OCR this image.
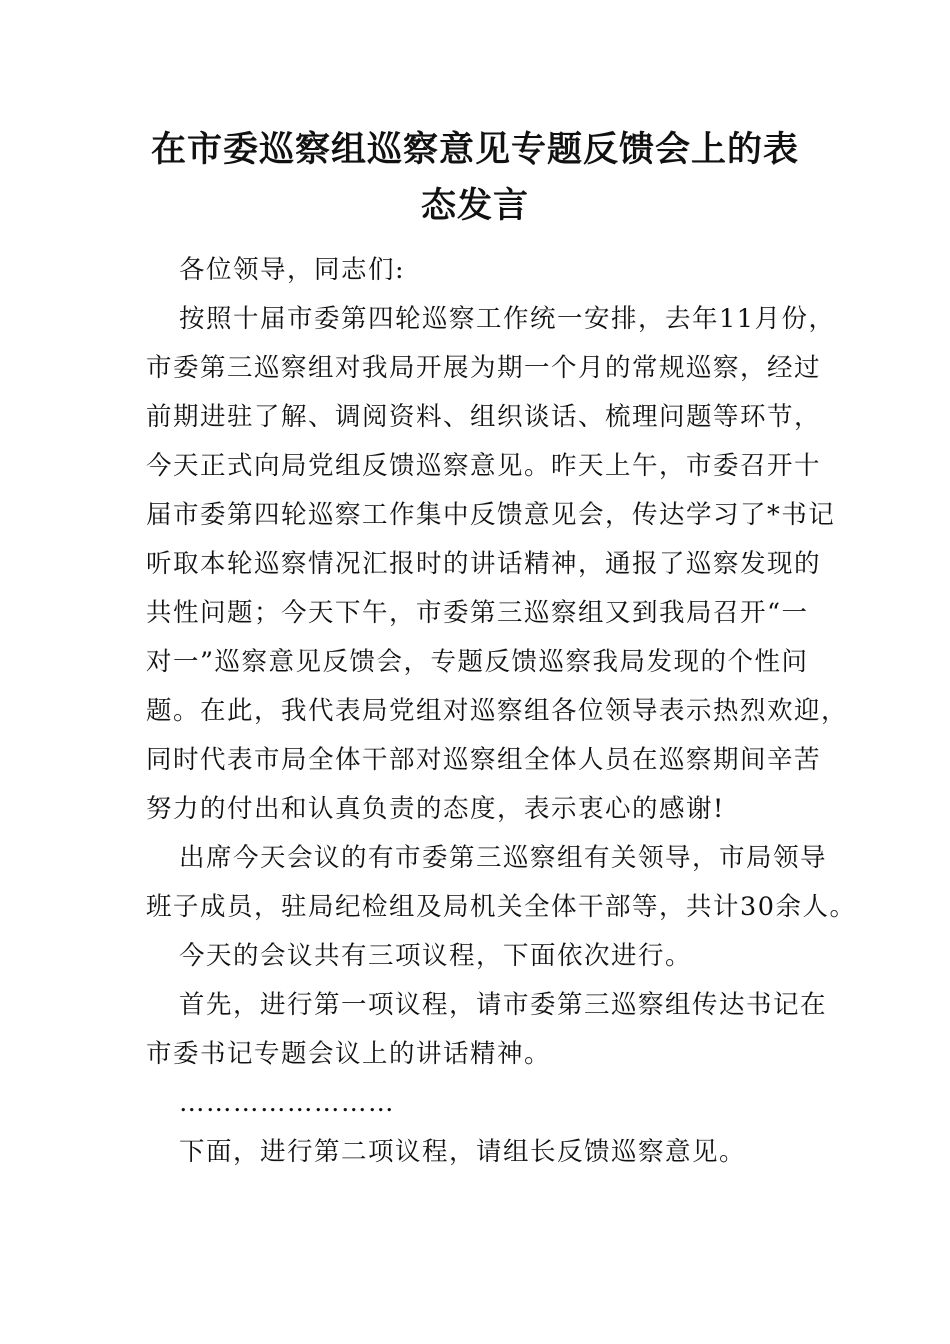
在市委巡察组巡察意见专题反馈会上的表
态发言
各位领导，同志们:
按照十届市委第四轮巡察工作统一安排，去年11月份，
市委第三巡察组对我局开展为期一个月的常规巡察，经过
前期进驻了解、调阅资料、组织谈话、梳理问题等环节，
今天正式向局党组反馈巡察意见。昨天上午，市委召开十
届市委第四轮巡察工作集中反馈意见会，传达学习了*书记
听取本轮巡察情况汇报时的讲话精神，通报了巡察发现的
共性问题；今天下午，市委第三巡察组又到我局召开“一
对一”巡察意见反馈会，专题反馈巡察我局发现的个性问
题。在此，我代表局党组对巡察组各位领导表示热烈欢迎，
同时代表市局全体干部对巡察组全体人员在巡察期间辛苦
努力的付出和认真负责的态度，表示衷心的感谢!
出席今天会议的有市委第三巡察组有关领导，市局领导
班子成员，驻局纪检组及局机关全体干部等，共计30余人。
今天的会议共有三项议程，下面依次进行。
首先，进行第一项议程，请市委第三巡察组传达书记在
市委书记专题会议上的讲话精神。
……………………
下面，进行第二项议程，请组长反馈巡察意见。
